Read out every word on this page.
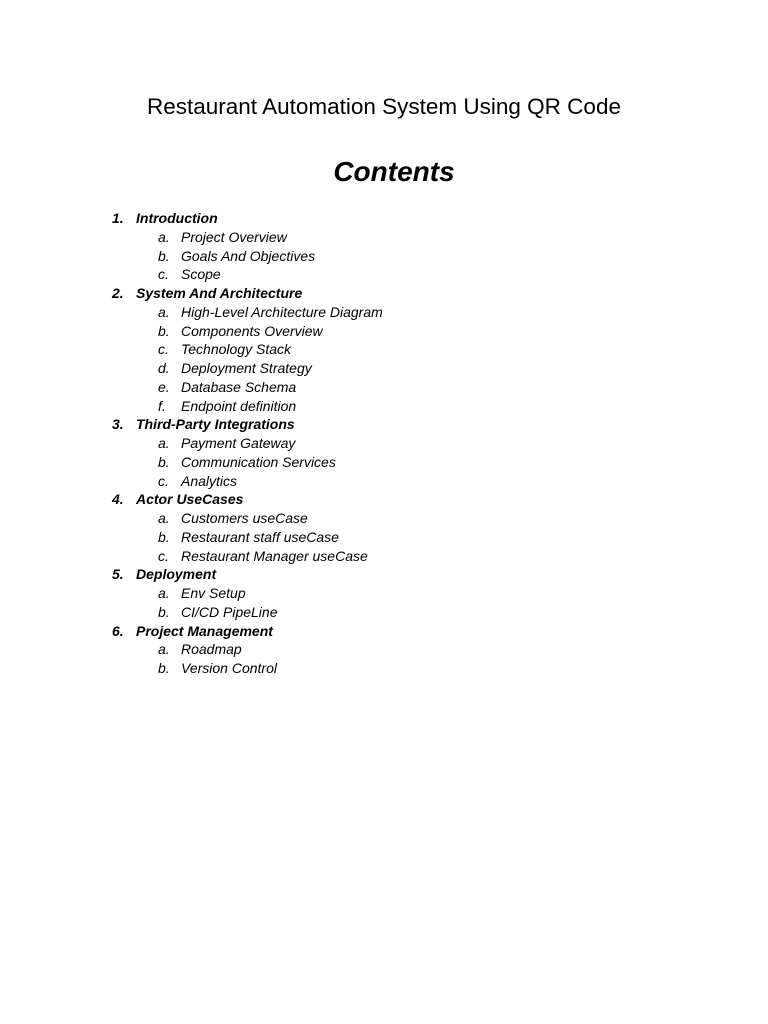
Restaurant Automation System Using QR Code
Contents
1. Introduction
a. Project Overview
b. Goals And Objectives
c. Scope
2. System And Architecture
a. High-Level Architecture Diagram
b. Components Overview
c. Technology Stack
d. Deployment Strategy
e. Database Schema
f. Endpoint definition
3. Third-Party Integrations
a. Payment Gateway
b. Communication Services
c. Analytics
4. Actor UseCases
a. Customers useCase
b. Restaurant staff useCase
c. Restaurant Manager useCase
5. Deployment
a. Env Setup
b. CI/CD PipeLine
6. Project Management
a. Roadmap
b. Version Control
